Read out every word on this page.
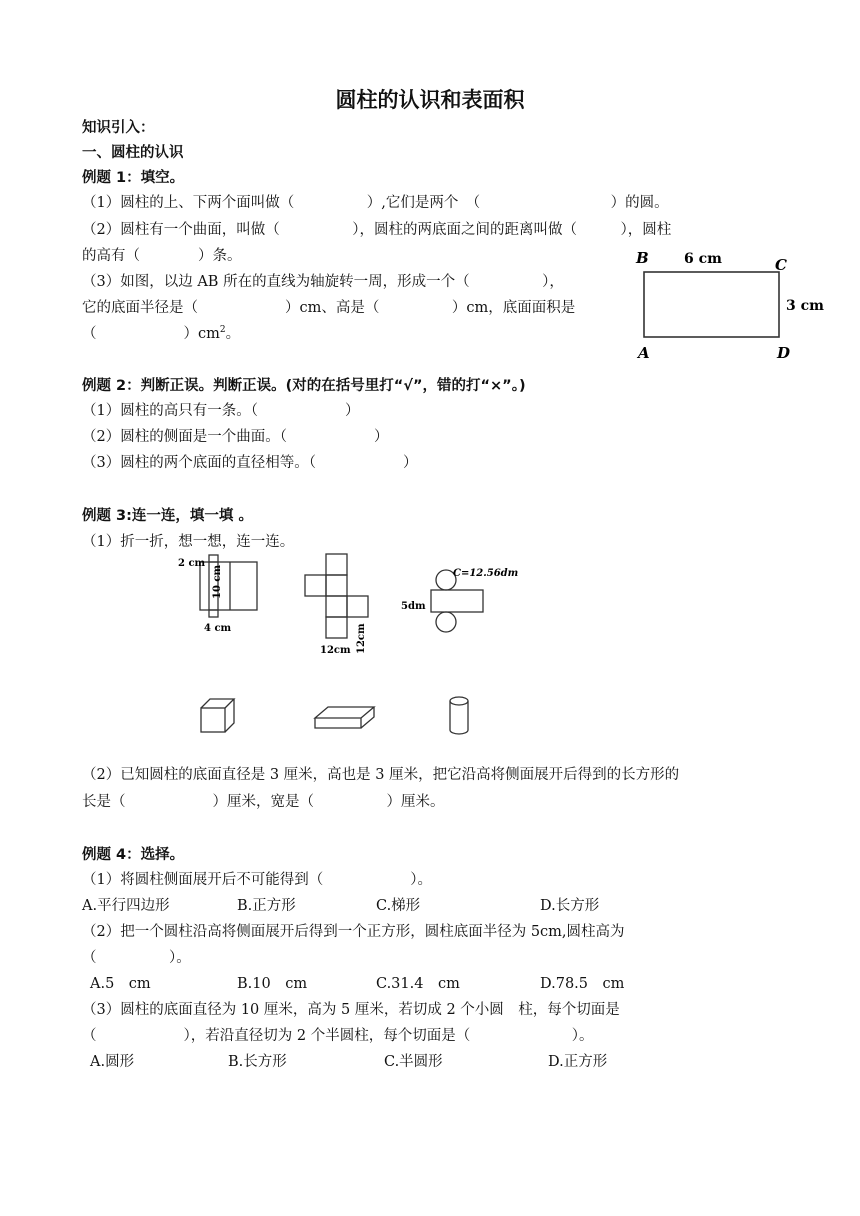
圆柱的认识和表面积
知识引入：
一、圆柱的认识
例题 1：填空。
（1）圆柱的上、下两个面叫做（　　　　　）,它们是两个　（　　　　　　　　　）的圆。
（2）圆柱有一个曲面，叫做（　　　　　），圆柱的两底面之间的距离叫做（　　　），圆柱
的高有（　　　　）条。
（3）如图，以边 AB 所在的直线为轴旋转一周，形成一个（　　　　　），
它的底面半径是（　　　　　　）cm、高是（　　　　　）cm，底面面积是
（　　　　　　）$cm^2$。
B	C
A	D
6 cm
3 cm
例题 2：判断正误。判断正误。(对的在括号里打“√”，错的打“×”。)
（1）圆柱的高只有一条。（　　　　　　）
（2）圆柱的侧面是一个曲面。（　　　　　　）
（3）圆柱的两个底面的直径相等。（　　　　　　）
例题 3:连一连，填一填 。
（1）折一折，想一想，连一连。
2 cm
10 cm
4 cm
12cm 12cm
C=12.56dm
5dm
（2）已知圆柱的底面直径是 3 厘米，高也是 3 厘米，把它沿高将侧面展开后得到的长方形的
长是（　　　　　　）厘米，宽是（　　　　　）厘米。
例题 4：选择。
（1）将圆柱侧面展开后不可能得到（　　　　　　）。
A.平行四边形	B.正方形	C.梯形	D.长方形
（2）把一个圆柱沿高将侧面展开后得到一个正方形，圆柱底面半径为 5cm,圆柱高为
（　　　　　）。
A.5　cm	B.10　cm	C.31.4　cm	D.78.5　cm
（3）圆柱的底面直径为 10 厘米，高为 5 厘米，若切成 2 个小圆　柱，每个切面是
（　　　　　　），若沿直径切为 2 个半圆柱，每个切面是（　　　　　　　）。
A.圆形	B.长方形	C.半圆形	D.正方形
